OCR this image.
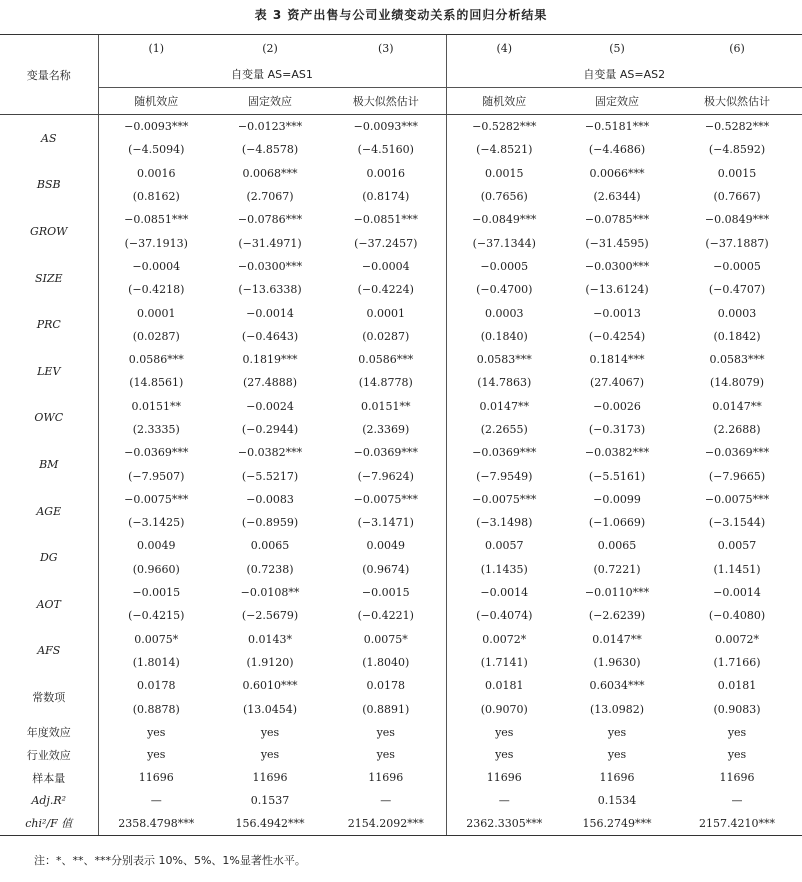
表 3 资产出售与公司业绩变动关系的回归分析结果
变量名称	(1)	(2)	(3)	(4)	(5)	(6)
	自变量 AS=AS1			自变量 AS=AS2		
	随机效应	固定效应	极大似然估计	随机效应	固定效应	极大似然估计
AS	−0.0093***	−0.0123***	−0.0093***	−0.5282***	−0.5181***	−0.5282***
	(−4.5094)	(−4.8578)	(−4.5160)	(−4.8521)	(−4.4686)	(−4.8592)
BSB	0.0016	0.0068***	0.0016	0.0015	0.0066***	0.0015
	(0.8162)	(2.7067)	(0.8174)	(0.7656)	(2.6344)	(0.7667)
GROW	−0.0851***	−0.0786***	−0.0851***	−0.0849***	−0.0785***	−0.0849***
	(−37.1913)	(−31.4971)	(−37.2457)	(−37.1344)	(−31.4595)	(−37.1887)
SIZE	−0.0004	−0.0300***	−0.0004	−0.0005	−0.0300***	−0.0005
	(−0.4218)	(−13.6338)	(−0.4224)	(−0.4700)	(−13.6124)	(−0.4707)
PRC	0.0001	−0.0014	0.0001	0.0003	−0.0013	0.0003
	(0.0287)	(−0.4643)	(0.0287)	(0.1840)	(−0.4254)	(0.1842)
LEV	0.0586***	0.1819***	0.0586***	0.0583***	0.1814***	0.0583***
	(14.8561)	(27.4888)	(14.8778)	(14.7863)	(27.4067)	(14.8079)
OWC	0.0151**	−0.0024	0.0151**	0.0147**	−0.0026	0.0147**
	(2.3335)	(−0.2944)	(2.3369)	(2.2655)	(−0.3173)	(2.2688)
BM	−0.0369***	−0.0382***	−0.0369***	−0.0369***	−0.0382***	−0.0369***
	(−7.9507)	(−5.5217)	(−7.9624)	(−7.9549)	(−5.5161)	(−7.9665)
AGE	−0.0075***	−0.0083	−0.0075***	−0.0075***	−0.0099	−0.0075***
	(−3.1425)	(−0.8959)	(−3.1471)	(−3.1498)	(−1.0669)	(−3.1544)
DG	0.0049	0.0065	0.0049	0.0057	0.0065	0.0057
	(0.9660)	(0.7238)	(0.9674)	(1.1435)	(0.7221)	(1.1451)
AOT	−0.0015	−0.0108**	−0.0015	−0.0014	−0.0110***	−0.0014
	(−0.4215)	(−2.5679)	(−0.4221)	(−0.4074)	(−2.6239)	(−0.4080)
AFS	0.0075*	0.0143*	0.0075*	0.0072*	0.0147**	0.0072*
	(1.8014)	(1.9120)	(1.8040)	(1.7141)	(1.9630)	(1.7166)
常数项	0.0178	0.6010***	0.0178	0.0181	0.6034***	0.0181
	(0.8878)	(13.0454)	(0.8891)	(0.9070)	(13.0982)	(0.9083)
年度效应	yes	yes	yes	yes	yes	yes
行业效应	yes	yes	yes	yes	yes	yes
样本量	11696	11696	11696	11696	11696	11696
Adj.R²	—	0.1537	—	—	0.1534	—
chi²/F 值	2358.4798***	156.4942***	2154.2092***	2362.3305***	156.2749***	2157.4210***
注：*、**、***分别表示 10%、5%、1%显著性水平。
